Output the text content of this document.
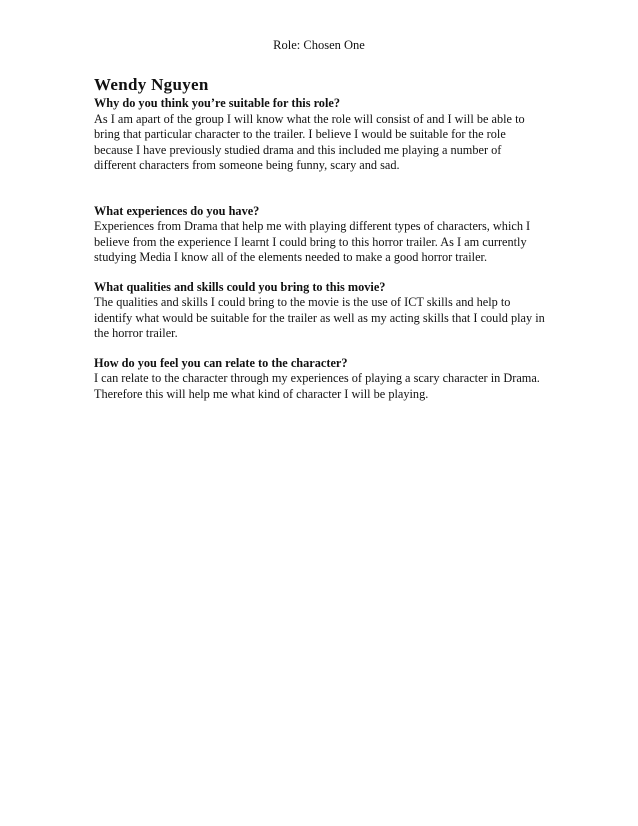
Role: Chosen One
Wendy Nguyen

Why do you think you’re suitable for this role?

As I am apart of the group I will know what the role will consist of and I will be able to bring that particular character to the trailer. I believe I would be suitable for the role because I have previously studied drama and this included me playing a number of different characters from someone being funny, scary and sad.

What experiences do you have?

Experiences from Drama that help me with playing different types of characters, which I believe from the experience I learnt I could bring to this horror trailer. As I am currently studying Media I know all of the elements needed to make a good horror trailer.

What qualities and skills could you bring to this movie?

The qualities and skills I could bring to the movie is the use of ICT skills and help to identify what would be suitable for the trailer as well as my acting skills that I could play in the horror trailer.

How do you feel you can relate to the character?

I can relate to the character through my experiences of playing a scary character in Drama. Therefore this will help me what kind of character I will be playing.
